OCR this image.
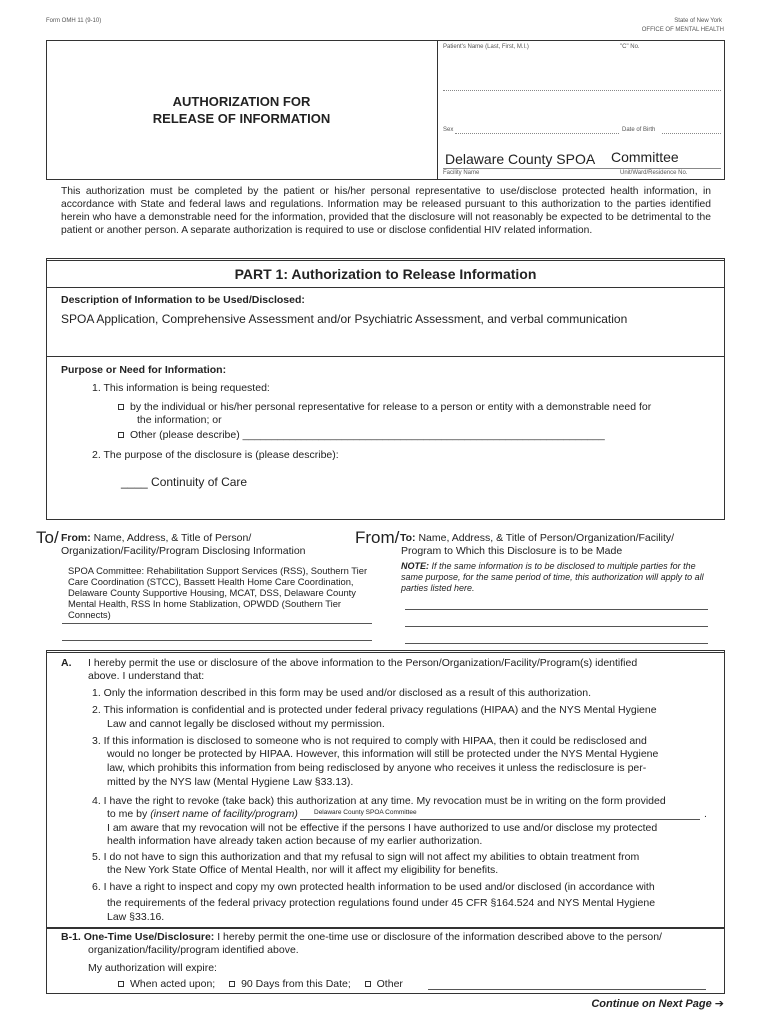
Form OMH 11 (9-10)	State of New York
OFFICE OF MENTAL HEALTH
AUTHORIZATION FOR
RELEASE OF INFORMATION
Patient's Name (Last, First, M.I.)	"C" No.
Sex	Date of Birth
Delaware County SPOA Committee
Facility Name	Unit/Ward/Residence No.
This authorization must be completed by the patient or his/her personal representative to use/disclose protected health information, in accordance with State and federal laws and regulations. Information may be released pursuant to this authorization to the parties identified herein who have a demonstrable need for the information, provided that the disclosure will not reasonably be expected to be detrimental to the patient or another person. A separate authorization is required to use or disclose confidential HIV related information.
PART 1: Authorization to Release Information
Description of Information to be Used/Disclosed:
SPOA Application, Comprehensive Assessment and/or Psychiatric Assessment, and verbal communication
Purpose or Need for Information:
1. This information is being requested:
by the individual or his/her personal representative for release to a person or entity with a demonstrable need for
the information; or
Other (please describe) ______________________________________________________________
2. The purpose of the disclosure is (please describe):
____ Continuity of Care
To/ From: Name, Address, & Title of Person/
Organization/Facility/Program Disclosing Information
SPOA Committee: Rehabilitation Support Services (RSS), Southern Tier Care Coordination (STCC), Bassett Health Home Care Coordination, Delaware County Supportive Housing, MCAT, DSS, Delaware County Mental Health, RSS In home Stablization, OPWDD (Southern Tier Connects)
From/ To: Name, Address, & Title of Person/Organization/Facility/
Program to Which this Disclosure is to be Made
NOTE: If the same information is to be disclosed to multiple parties for the same purpose, for the same period of time, this authorization will apply to all parties listed here.
A. I hereby permit the use or disclosure of the above information to the Person/Organization/Facility/Program(s) identified
above. I understand that:
1. Only the information described in this form may be used and/or disclosed as a result of this authorization.
2. This information is confidential and is protected under federal privacy regulations (HIPAA) and the NYS Mental Hygiene
Law and cannot legally be disclosed without my permission.
3. If this information is disclosed to someone who is not required to comply with HIPAA, then it could be redisclosed and
would no longer be protected by HIPAA. However, this information will still be protected under the NYS Mental Hygiene
law, which prohibits this information from being redisclosed by anyone who receives it unless the redisclosure is per-
mitted by the NYS law (Mental Hygiene Law §33.13).
4. I have the right to revoke (take back) this authorization at any time. My revocation must be in writing on the form provided
to me by (insert name of facility/program) Delaware County SPOA Committee	.
I am aware that my revocation will not be effective if the persons I have authorized to use and/or disclose my protected
health information have already taken action because of my earlier authorization.
5. I do not have to sign this authorization and that my refusal to sign will not affect my abilities to obtain treatment from
the New York State Office of Mental Health, nor will it affect my eligibility for benefits.
6. I have a right to inspect and copy my own protected health information to be used and/or disclosed (in accordance with
the requirements of the federal privacy protection regulations found under 45 CFR §164.524 and NYS Mental Hygiene
Law §33.16.
B-1. One-Time Use/Disclosure: I hereby permit the one-time use or disclosure of the information described above to the person/
organization/facility/program identified above.
My authorization will expire:
When acted upon; 90 Days from this Date; Other
Continue on Next Page ➔
